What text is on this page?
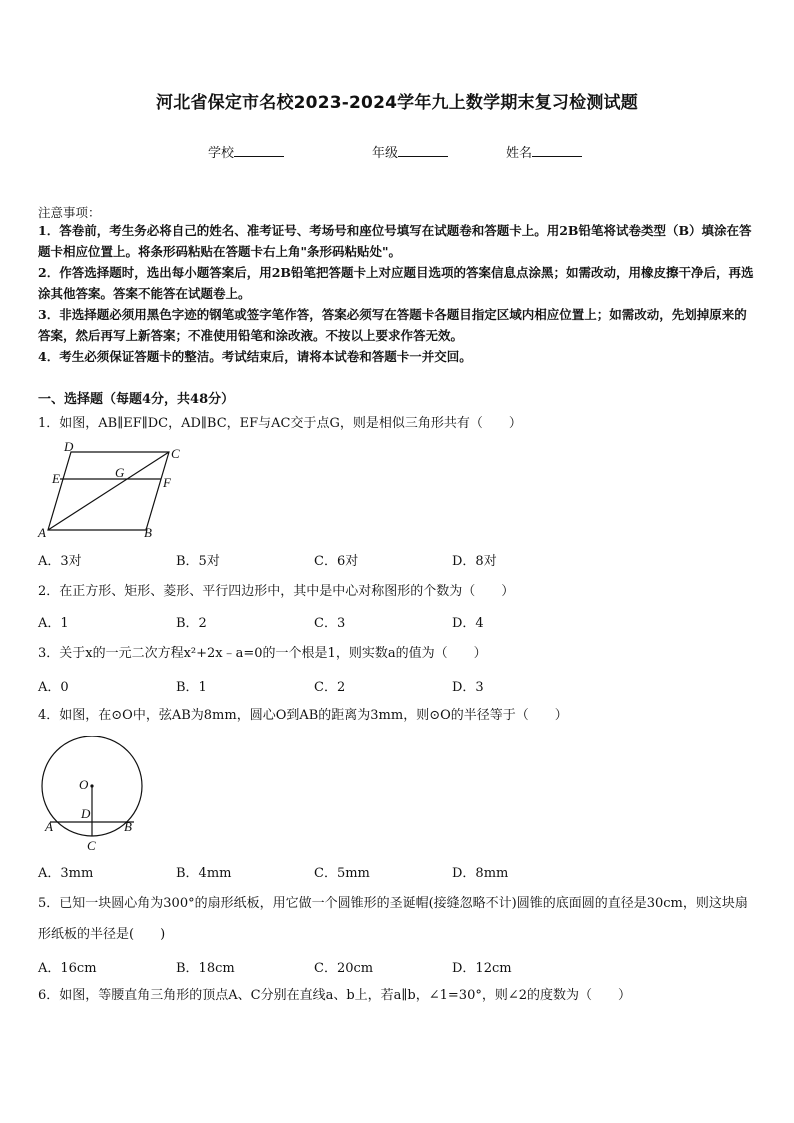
河北省保定市名校2023-2024学年九上数学期末复习检测试题
学校	年级	姓名
注意事项：
1．答卷前，考生务必将自己的姓名、准考证号、考场号和座位号填写在试题卷和答题卡上。用2B铅笔将试卷类型（B）填涂在答题卡相应位置上。将条形码粘贴在答题卡右上角"条形码粘贴处"。
2．作答选择题时，选出每小题答案后，用2B铅笔把答题卡上对应题目选项的答案信息点涂黑；如需改动，用橡皮擦干净后，再选涂其他答案。答案不能答在试题卷上。
3．非选择题必须用黑色字迹的钢笔或签字笔作答，答案必须写在答题卡各题目指定区域内相应位置上；如需改动，先划掉原来的答案，然后再写上新答案；不准使用铅笔和涂改液。不按以上要求作答无效。
4．考生必须保证答题卡的整洁。考试结束后，请将本试卷和答题卡一并交回。
一、选择题（每题4分，共48分）
1．如图，AB∥EF∥DC，AD∥BC，EF与AC交于点G，则是相似三角形共有（　　）
D	C
E	G
F
A	B
A．3对	B．5对	C．6对	D．8对
2．在正方形、矩形、菱形、平行四边形中，其中是中心对称图形的个数为（　　）
A．1	B．2	C．3	D．4
3．关于x的一元二次方程x²+2x﹣a=0的一个根是1，则实数a的值为（　　）
A．0	B．1	C．2	D．3
4．如图，在⊙O中，弦AB为8mm，圆心O到AB的距离为3mm，则⊙O的半径等于（　　）
O
D
A	B
C
A．3mm	B．4mm	C．5mm	D．8mm
5．已知一块圆心角为300°的扇形纸板，用它做一个圆锥形的圣诞帽(接缝忽略不计)圆锥的底面圆的直径是30cm，则这块扇形纸板的半径是(　　)
A．16cm	B．18cm	C．20cm	D．12cm
6．如图，等腰直角三角形的顶点A、C分别在直线a、b上，若a∥b，∠1=30°，则∠2的度数为（　　）
